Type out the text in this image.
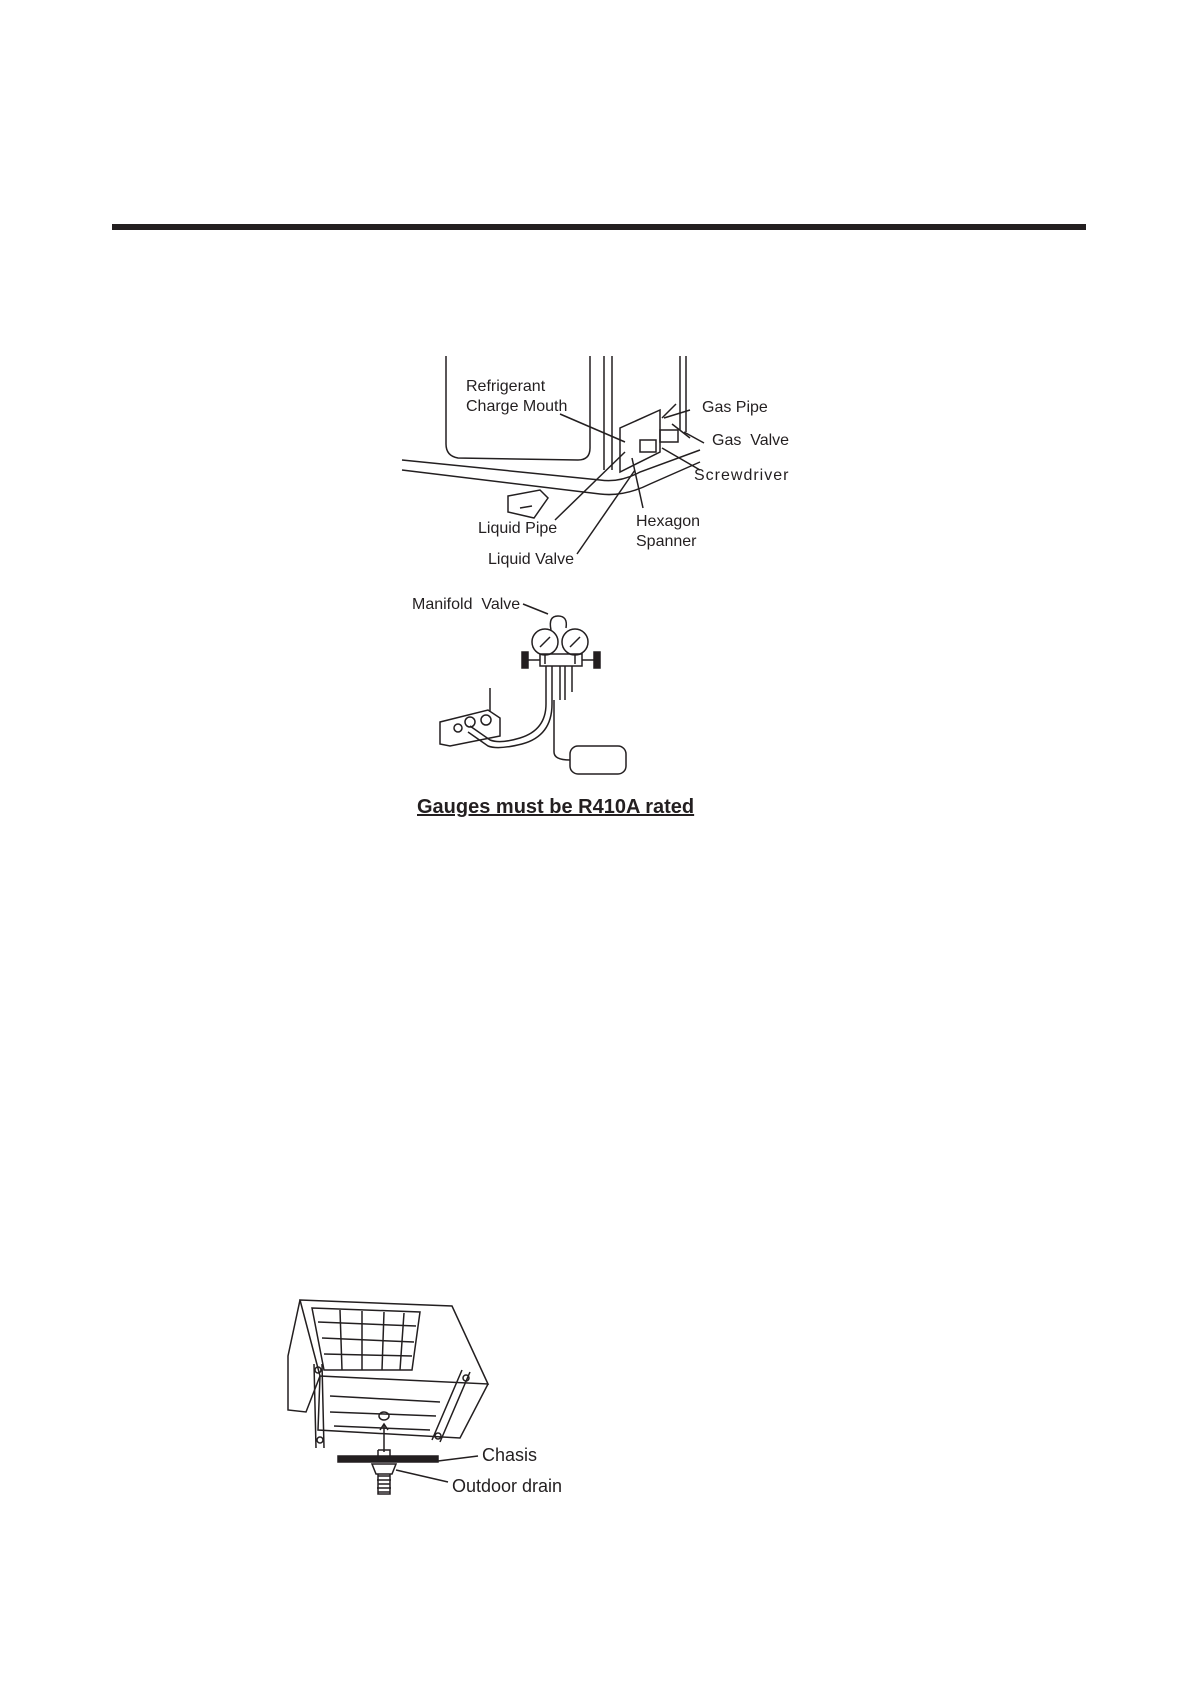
Refrigerant
Charge Mouth	Gas Pipe
Gas  Valve
Screwdriver
Hexagon
Spanner
Liquid Pipe
Liquid Valve
Manifold  Valve
Gauges must be R410A rated
Chasis
Outdoor drain
